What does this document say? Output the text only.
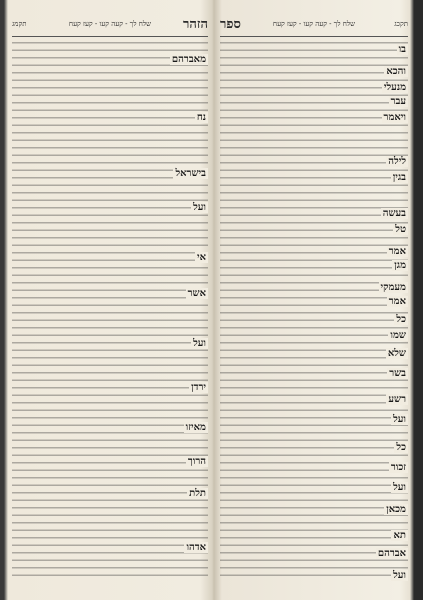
תקכג
שלח לך - קעה קעו - קעז קעח
ספר
בו
והכא
מנעלי
עבר
ויאמר
לילה
בגין
בעשה
טל
אמר
מגן
מעמקי
אמר
כל
שמו
שלא
בשר
רשע
ועל
כל
זכור
ועל
מכאן
תא
אברהם
ועל
תקמג	שלח לך - קעה קעו - קעז קעח הזהר
מאברהם
נח
בישראל
ועל
אי
אשר
ועל
ירדן
מאיזו
הרוך
תלת
אדהו
